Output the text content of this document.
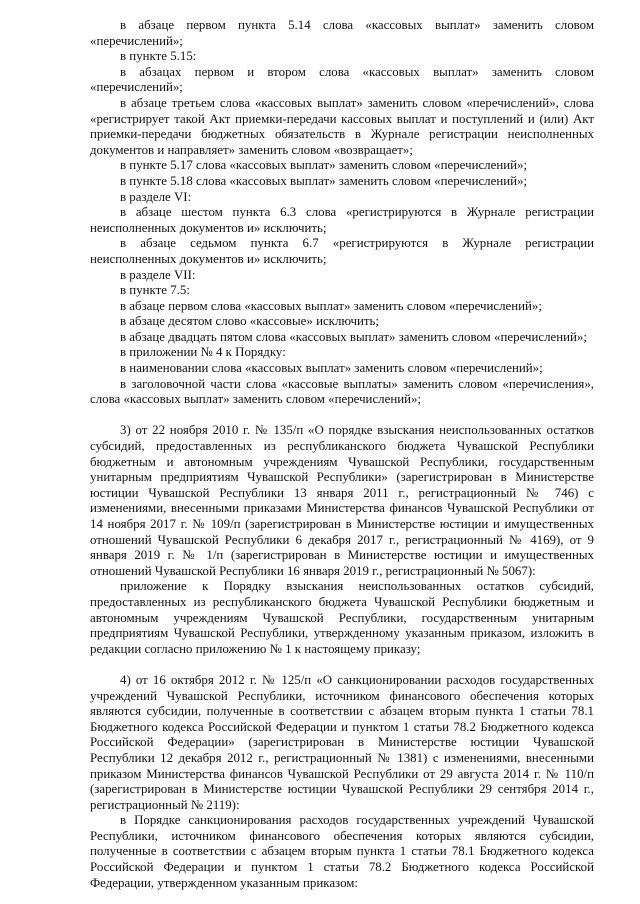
в абзаце первом пункта 5.14 слова «кассовых выплат» заменить словом «перечислений»;

в пункте 5.15:

в абзацах первом и втором слова «кассовых выплат» заменить словом «перечислений»;

в абзаце третьем слова «кассовых выплат» заменить словом «перечислений», слова «регистрирует такой Акт приемки-передачи кассовых выплат и поступлений и (или) Акт приемки-передачи бюджетных обязательств в Журнале регистрации неисполненных документов и направляет» заменить словом «возвращает»;

в пункте 5.17 слова «кассовых выплат» заменить словом «перечислений»;

в пункте 5.18 слова «кассовых выплат» заменить словом «перечислений»;

в разделе VI:

в абзаце шестом пункта 6.3 слова «регистрируются в Журнале регистрации неисполненных документов и» исключить;

в абзаце седьмом пункта 6.7 «регистрируются в Журнале регистрации неисполненных документов и» исключить;

в разделе VII:

в пункте 7.5:

в абзаце первом слова «кассовых выплат» заменить словом «перечислений»;

в абзаце десятом слово «кассовые» исключить;

в абзаце двадцать пятом слова «кассовых выплат» заменить словом «перечислений»;

в приложении № 4 к Порядку:

в наименовании слова «кассовых выплат» заменить словом «перечислений»;

в заголовочной части слова «кассовые выплаты» заменить словом «перечисления», слова «кассовых выплат» заменить словом «перечислений»;

3) от 22 ноября 2010 г. № 135/п «О порядке взыскания неиспользованных остатков субсидий, предоставленных из республиканского бюджета Чувашской Республики бюджетным и автономным учреждениям Чувашской Республики, государственным унитарным предприятиям Чувашской Республики» (зарегистрирован в Министерстве юстиции Чувашской Республики 13 января 2011 г., регистрационный № 746) с изменениями, внесенными приказами Министерства финансов Чувашской Республики от 14 ноября 2017 г. № 109/п (зарегистрирован в Министерстве юстиции и имущественных отношений Чувашской Республики 6 декабря 2017 г., регистрационный № 4169), от 9 января 2019 г. № 1/п (зарегистрирован в Министерстве юстиции и имущественных отношений Чувашской Республики 16 января 2019 г., регистрационный № 5067):

приложение к Порядку взыскания неиспользованных остатков субсидий, предоставленных из республиканского бюджета Чувашской Республики бюджетным и автономным учреждениям Чувашской Республики, государственным унитарным предприятиям Чувашской Республики, утвержденному указанным приказом, изложить в редакции согласно приложению № 1 к настоящему приказу;

4) от 16 октября 2012 г. № 125/п «О санкционировании расходов государственных учреждений Чувашской Республики, источником финансового обеспечения которых являются субсидии, полученные в соответствии с абзацем вторым пункта 1 статьи 78.1 Бюджетного кодекса Российской Федерации и пунктом 1 статьи 78.2 Бюджетного кодекса Российской Федерации» (зарегистрирован в Министерстве юстиции Чувашской Республики 12 декабря 2012 г., регистрационный № 1381) с изменениями, внесенными приказом Министерства финансов Чувашской Республики от 29 августа 2014 г. № 110/п (зарегистрирован в Министерстве юстиции Чувашской Республики 29 сентября 2014 г., регистрационный № 2119):

в Порядке санкционирования расходов государственных учреждений Чувашской Республики, источником финансового обеспечения которых являются субсидии, полученные в соответствии с абзацем вторым пункта 1 статьи 78.1 Бюджетного кодекса Российской Федерации и пунктом 1 статьи 78.2 Бюджетного кодекса Российской Федерации, утвержденном указанным приказом:
